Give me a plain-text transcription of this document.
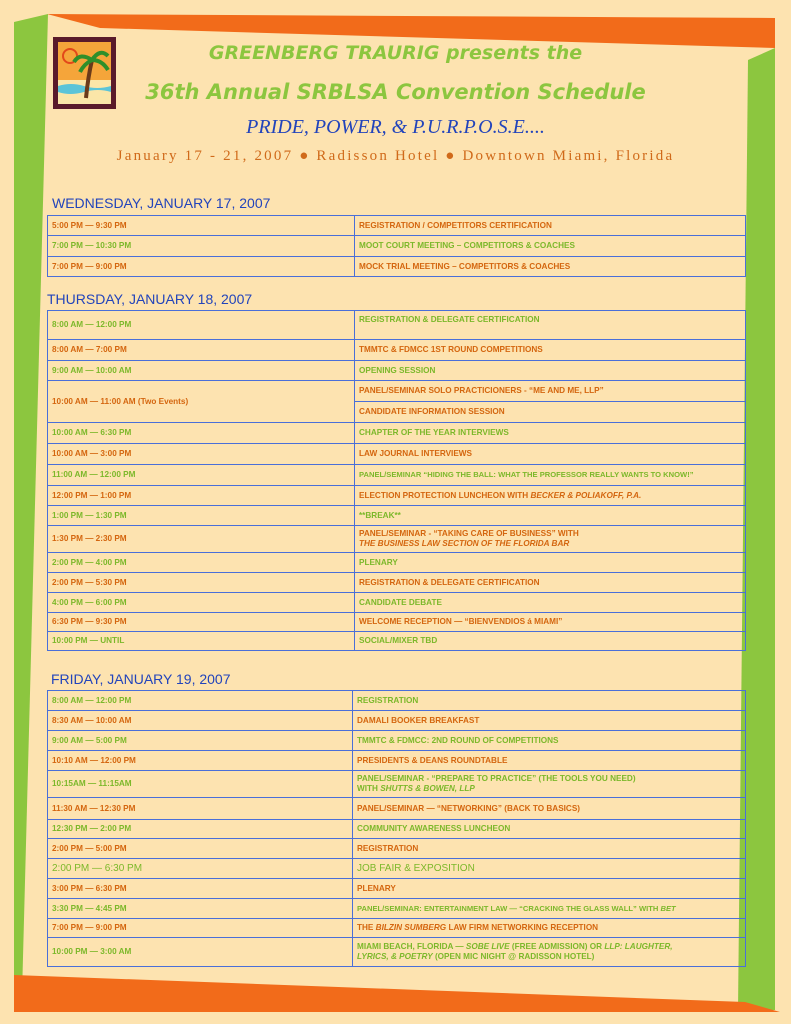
GREENBERG TRAURIG presents the
36th Annual SRBLSA Convention Schedule
PRIDE, POWER, & P.U.R.P.O.S.E....
January 17 - 21, 2007 ● Radisson Hotel ● Downtown Miami, Florida
WEDNESDAY, JANUARY 17, 2007
5:00 PM — 9:30 PM	REGISTRATION / COMPETITORS CERTIFICATION
7:00 PM — 10:30 PM	MOOT COURT MEETING – COMPETITORS & COACHES
7:00 PM — 9:00 PM	MOCK TRIAL MEETING – COMPETITORS & COACHES
THURSDAY, JANUARY 18, 2007
8:00 AM — 12:00 PM	REGISTRATION & DELEGATE CERTIFICATION
8:00 AM — 7:00 PM	TMMTC & FDMCC 1ST ROUND COMPETITIONS
9:00 AM — 10:00 AM	OPENING SESSION
10:00 AM — 11:00 AM (Two Events)	PANEL/SEMINAR SOLO PRACTICIONERS - “ME AND ME, LLP”
	CANDIDATE INFORMATION SESSION
10:00 AM — 6:30 PM	CHAPTER OF THE YEAR INTERVIEWS
10:00 AM — 3:00 PM	LAW JOURNAL INTERVIEWS
11:00 AM — 12:00 PM	PANEL/SEMINAR “HIDING THE BALL: WHAT THE PROFESSOR REALLY WANTS TO KNOW!”
12:00 PM — 1:00 PM	ELECTION PROTECTION LUNCHEON WITH BECKER & POLIAKOFF, P.A.
1:00 PM — 1:30 PM	**BREAK**
1:30 PM — 2:30 PM	PANEL/SEMINAR - “TAKING CARE OF BUSINESS” WITH
THE BUSINESS LAW SECTION OF THE FLORIDA BAR

2:00 PM — 4:00 PM	PLENARY
2:00 PM — 5:30 PM	REGISTRATION & DELEGATE CERTIFICATION
4:00 PM — 6:00 PM	CANDIDATE DEBATE
6:30 PM — 9:30 PM	WELCOME RECEPTION — “BIENVENDIOS á MIAMI”
10:00 PM — UNTIL	SOCIAL/MIXER TBD
FRIDAY, JANUARY 19, 2007
8:00 AM — 12:00 PM	REGISTRATION
8:30 AM — 10:00 AM	DAMALI BOOKER BREAKFAST
9:00 AM — 5:00 PM	TMMTC & FDMCC: 2ND ROUND OF COMPETITIONS
10:10 AM — 12:00 PM	PRESIDENTS & DEANS ROUNDTABLE
10:15AM — 11:15AM	PANEL/SEMINAR - “PREPARE TO PRACTICE” (THE TOOLS YOU NEED)
WITH SHUTTS & BOWEN, LLP

11:30 AM — 12:30 PM	PANEL/SEMINAR — “NETWORKING” (BACK TO BASICS)
12:30 PM — 2:00 PM	COMMUNITY AWARENESS LUNCHEON
2:00 PM — 5:00 PM	REGISTRATION
2:00 PM — 6:30 PM	JOB FAIR & EXPOSITION
3:00 PM — 6:30 PM	PLENARY
3:30 PM — 4:45 PM	PANEL/SEMINAR: ENTERTAINMENT LAW — “CRACKING THE GLASS WALL” WITH BET
7:00 PM — 9:00 PM	THE BILZIN SUMBERG LAW FIRM NETWORKING RECEPTION
10:00 PM — 3:00 AM	MIAMI BEACH, FLORIDA — SOBE LIVE (FREE ADMISSION) OR LLP: LAUGHTER,
LYRICS, & POETRY (OPEN MIC NIGHT @ RADISSON HOTEL)
